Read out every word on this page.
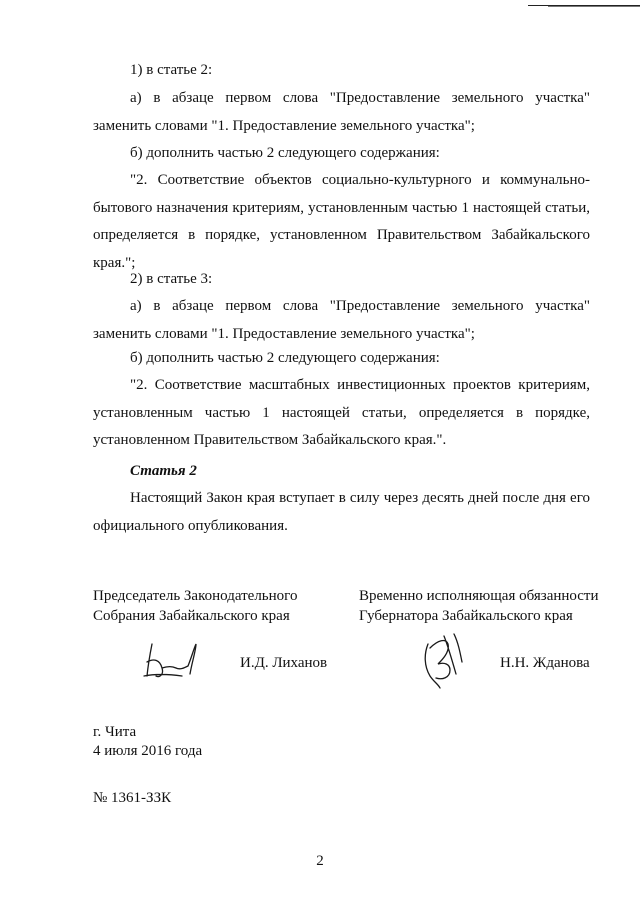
1) в статье 2:

а) в абзаце первом слова "Предоставление земельного участка" заменить словами "1. Предоставление земельного участка";

б) дополнить частью 2 следующего содержания:

"2. Соответствие объектов социально-культурного и коммунально-бытового назначения критериям, установленным частью 1 настоящей статьи, определяется в порядке, установленном Правительством Забайкальского края.";

2) в статье 3:

а) в абзаце первом слова "Предоставление земельного участка" заменить словами "1. Предоставление земельного участка";

б) дополнить частью 2 следующего содержания:

"2. Соответствие масштабных инвестиционных проектов критериям, установленным частью 1 настоящей статьи, определяется в порядке, установленном Правительством Забайкальского края.".

Статья 2

Настоящий Закон края вступает в силу через десять дней после дня его официального опубликования.

Председатель Законодательного
Собрания Забайкальского края
Временно исполняющая обязанности
Губернатора Забайкальского края
И.Д. Лиханов	Н.Н. Жданова
г. Чита
4 июля 2016 года
№ 1361-ЗЗК
2
